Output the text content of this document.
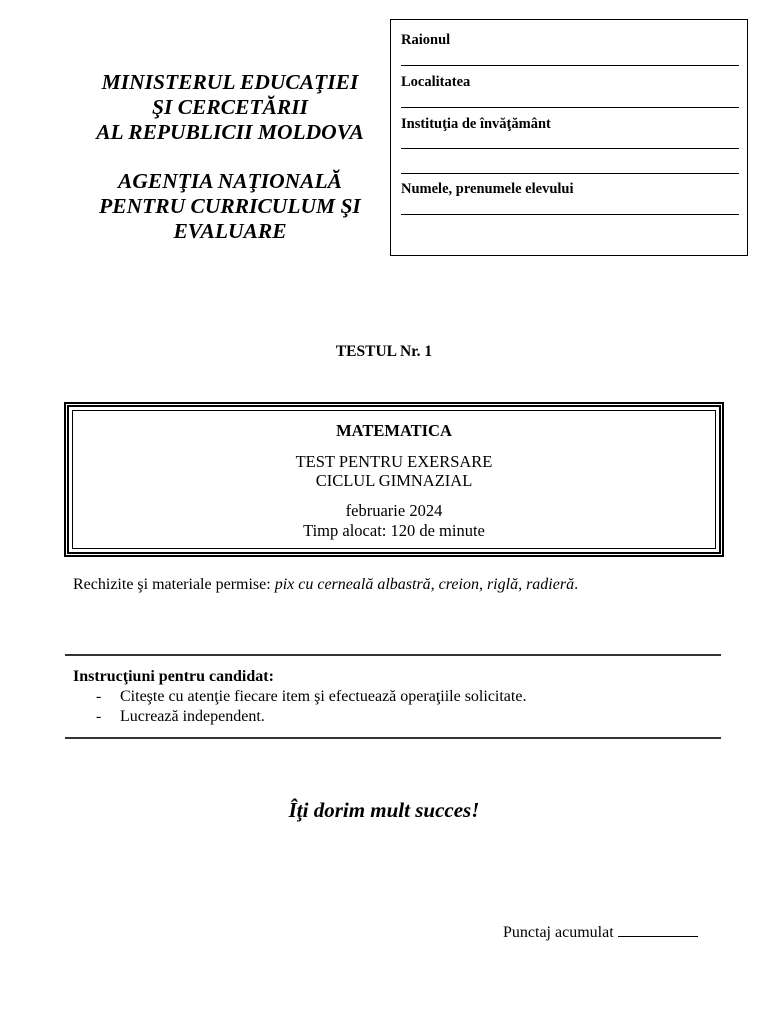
MINISTERUL EDUCAŢIEI
ŞI CERCETĂRII
AL REPUBLICII MOLDOVA
AGENŢIA NAŢIONALĂ
PENTRU CURRICULUM ŞI
EVALUARE
Raionul
Localitatea
Instituţia de învăţământ
Numele, prenumele elevului
TESTUL Nr. 1
MATEMATICA
TEST PENTRU EXERSARE
CICLUL GIMNAZIAL
februarie 2024
Timp alocat: 120 de minute
Rechizite şi materiale permise: pix cu cerneală albastră, creion, riglă, radieră.
Instrucţiuni pentru candidat:
- Citeşte cu atenţie fiecare item şi efectuează operaţiile solicitate.
- Lucrează independent.
Îţi dorim mult succes!
Punctaj acumulat
